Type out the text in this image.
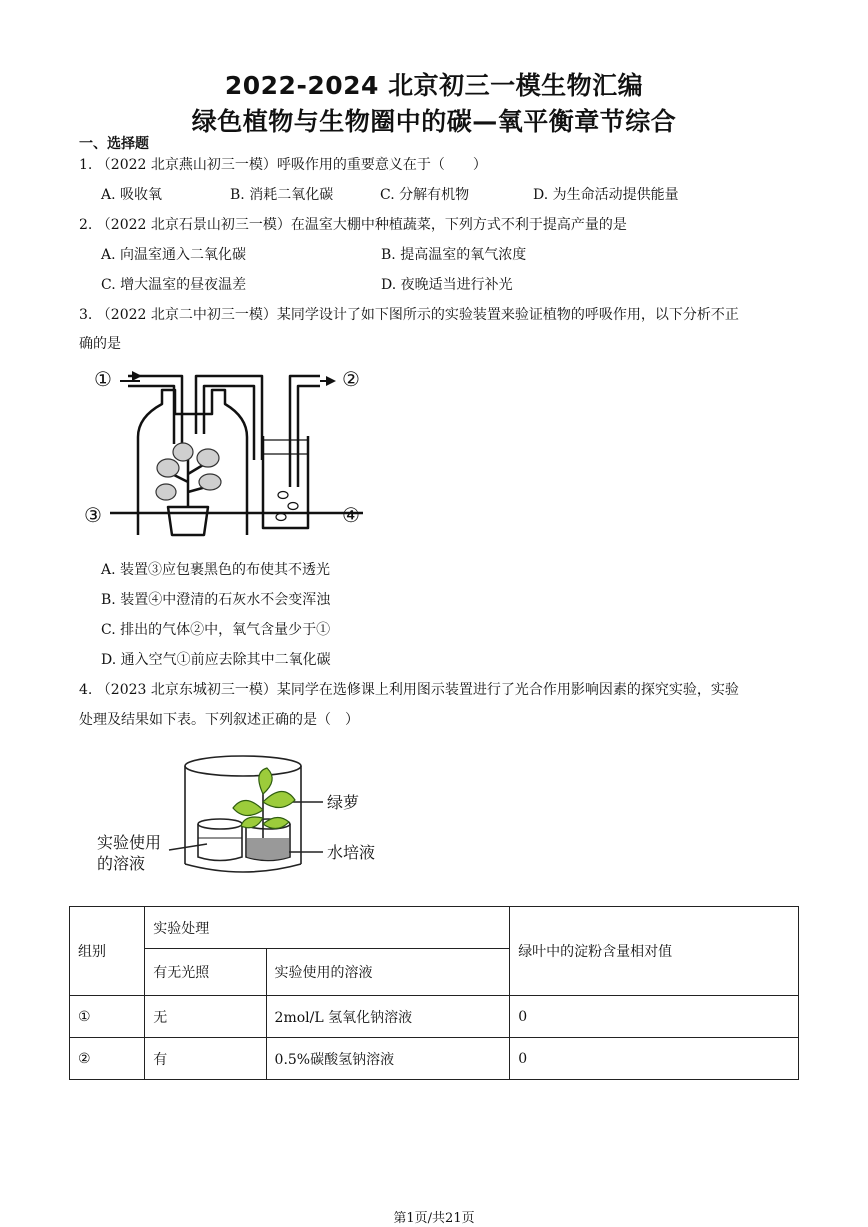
2022-2024 北京初三一模生物汇编
绿色植物与生物圈中的碳—氧平衡章节综合
一、选择题
1. （2022 北京燕山初三一模）呼吸作用的重要意义在于（　　）
A. 吸收氧	B. 消耗二氧化碳	C. 分解有机物	D. 为生命活动提供能量
2. （2022 北京石景山初三一模）在温室大棚中种植蔬菜，下列方式不利于提高产量的是
A. 向温室通入二氧化碳	B. 提高温室的氧气浓度
C. 增大温室的昼夜温差	D. 夜晚适当进行补光
3. （2022 北京二中初三一模）某同学设计了如下图所示的实验装置来验证植物的呼吸作用，以下分析不正
确的是
①	②
③	④
A. 装置③应包裹黑色的布使其不透光
B. 装置④中澄清的石灰水不会变浑浊
C. 排出的气体②中，氧气含量少于①
D. 通入空气①前应去除其中二氧化碳
4. （2023 北京东城初三一模）某同学在选修课上利用图示装置进行了光合作用影响因素的探究实验，实验
处理及结果如下表。下列叙述正确的是（　）
绿萝
实验使用
的溶液
水培液
组别	实验处理		绿叶中的淀粉含量相对值
	有无光照	实验使用的溶液	
①	无	2mol/L 氢氧化钠溶液	0
②	有	0.5%碳酸氢钠溶液	0
第1页/共21页
